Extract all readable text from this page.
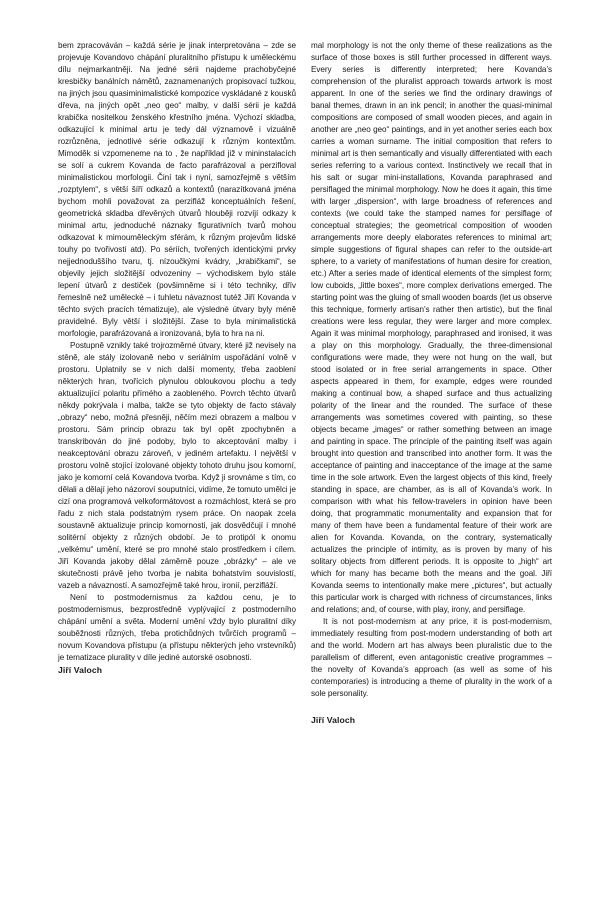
bem zpracováván – každá série je jinak interpretována – zde se projevuje Kovandovo chápání pluralitního přístupu k uměleckému dílu nejmarkantněji. Na jedné sérii najdeme prachobyčejné kresbičky banálních námětů, zaznamenaných propisovací tužkou, na jiných jsou quasiminimalistické kompozice vyskládané z kousků dřeva, na jiných opět „neo geo“ malby, v další sérii je každá krabička nositelkou ženského křestního jména. Výchozí skladba, odkazující k minimal artu je tedy dál významově i vizuálně rozrůzněna, jednotlivé série odkazují k různým kontextům. Mimoděk si vzpomeneme na to , že například již v mininstalacích se solí a cukrem Kovanda de facto parafrázoval a perzifloval minimalistickou morfologii. Činí tak i nyní, samozřejmě s větším „rozptylem“, s větší šíří odkazů a kontextů (narazítkovaná jména bychom mohli považovat za perzifláž konceptuálních řešení, geometrická skladba dřevěných útvarů hlouběji rozvíjí odkazy k minimal artu, jednoduché náznaky figurativních tvarů mohou odkazovat k mimouměleckým sférám, k různým projevům lidské touhy po tvořivosti atd). Po sériích, tvořených identickými prvky nejjednoduššího tvaru, tj. nízoučkými kvádry, „krabičkami“, se objevily jejich složitější odvozeniny – východiskem bylo stále lepení útvarů z destiček (povšimněme si i této techniky, dřív řemeslně než umělecké – i tuhletu návaznost tutéž Jiří Kovanda v těchto svých pracích tématizuje), ale výsledné útvary byly méně pravidelné. Byly větší i složitější. Zase to byla minimalistická morfologie, parafrázovaná a ironizovaná, byla to hra na ni.

Postupně vznikly také trojrozměrné útvary, které již nevisely na stěně, ale stály izolovaně nebo v seriálním uspořádání volně v prostoru. Uplatnily se v nich další momenty, třeba zaoblení některých hran, tvořících plynulou obloukovou plochu a tedy aktualizující polaritu přímého a zaobleného. Povrch těchto útvarů někdy pokrývala i malba, takže se tyto objekty de facto stávaly „obrazy“ nebo, možná přesněji, něčím mezi obrazem a malbou v prostoru. Sám princip obrazu tak byl opět zpochybněn a transkribován do jiné podoby, bylo to akceptování malby i neakceptování obrazu zároveň, v jediném artefaktu. I největší v prostoru volně stojící izolované objekty tohoto druhu jsou komorní, jako je komorní celá Kovandova tvorba. Když ji srovnáme s tím, co dělali a dělají jeho názoroví souputníci, vidíme, že tomuto umělci je cizí ona programová velkoformátovost a rozmáchlost, která se pro řadu z nich stala podstatným rysem práce. On naopak zcela soustavně aktualizuje princip komornosti, jak dosvědčují i mnohé solitérní objekty z různých období. Je to protipól k onomu „velkému“ umění, které se pro mnohé stalo prostředkem i cílem. Jiří Kovanda jakoby dělal záměrně pouze „obrázky“ – ale ve skutečnosti právě jeho tvorba je nabita bohatstvím souvislostí, vazeb a návazností. A samozřejmě také hrou, ironií, perzifláží.

Není to postmodernismus za každou cenu, je to postmodernismus, bezprostředně vyplývající z postmoderního chápání umění a světa. Moderní umění vždy bylo pluralitní díky souběžnosti různých, třeba protichůdných tvůrčích programů – novum Kovandova přístupu (a přístupu některých jeho vrstevníků) je tematizace plurality v díle jediné autorské osobnosti.

Jiří Valoch

mal morphology is not the only theme of these realizations as the surface of those boxes is still further processed in different ways. Every series is differently interpreted; here Kovanda’s comprehension of the pluralist approach towards artwork is most apparent. In one of the series we find the ordinary drawings of banal themes, drawn in an ink pencil; in another the quasi-minimal compositions are composed of small wooden pieces, and again in another are „neo geo“ paintings, and in yet another series each box carries a woman surname. The initial composition that refers to minimal art is then semantically and visually differentiated with each series referring to a various context. Instinctively we recall that in his salt or sugar mini-installations, Kovanda paraphrased and persiflaged the minimal morphology. Now he does it again, this time with larger „dispersion“, with large broadness of references and contexts (we could take the stamped names for persiflage of conceptual strategies; the geometrical composition of wooden arrangements more deeply elaborates references to minimal art; simple suggestions of figural shapes can refer to the outside-art sphere, to a variety of manifestations of human desire for creation, etc.) After a series made of identical elements of the simplest form; low cuboids, „little boxes“, more complex derivations emerged. The starting point was the gluing of small wooden boards (let us observe this technique, formerly artisan’s rather then artistic), but the final creations were less regular, they were larger and more complex. Again it was minimal morphology, paraphrased and ironised, it was a play on this morphology. Gradually, the three-dimensional configurations were made, they were not hung on the wall, but stood isolated or in free serial arrangements in space. Other aspects appeared in them, for example, edges were rounded making a continual bow, a shaped surface and thus actualizing polarity of the linear and the rounded. The surface of these arrangements was sometimes covered with painting, so these objects became „images“ or rather something between an image and painting in space. The principle of the painting itself was again brought into question and transcribed into another form. It was the acceptance of painting and inacceptance of the image at the same time in the sole artwork. Even the largest objects of this kind, freely standing in space, are chamber, as is all of Kovanda’s work. In comparison with what his fellow-travelers in opinion have been doing, that programmatic monumentality and expansion that for many of them have been a fundamental feature of their work are alien for Kovanda. Kovanda, on the contrary, systematically actualizes the principle of intimity, as is proven by many of his solitary objects from different periods. It is opposite to „high“ art which for many has became both the means and the goal. Jiří Kovanda seems to intentionally make mere „pictures“, but actually this particular work is charged with richness of circumstances, links and relations; and, of course, with play, irony, and persiflage.

It is not post-modernism at any price, it is post-modernism, immediately resulting from post-modern understanding of both art and the world. Modern art has always been pluralistic due to the parallelism of different, even antagonistic creative programmes – the novelty of Kovanda’s approach (as well as some of his contemporaries) is introducing a theme of plurality in the work of a sole personality.

Jiří Valoch
